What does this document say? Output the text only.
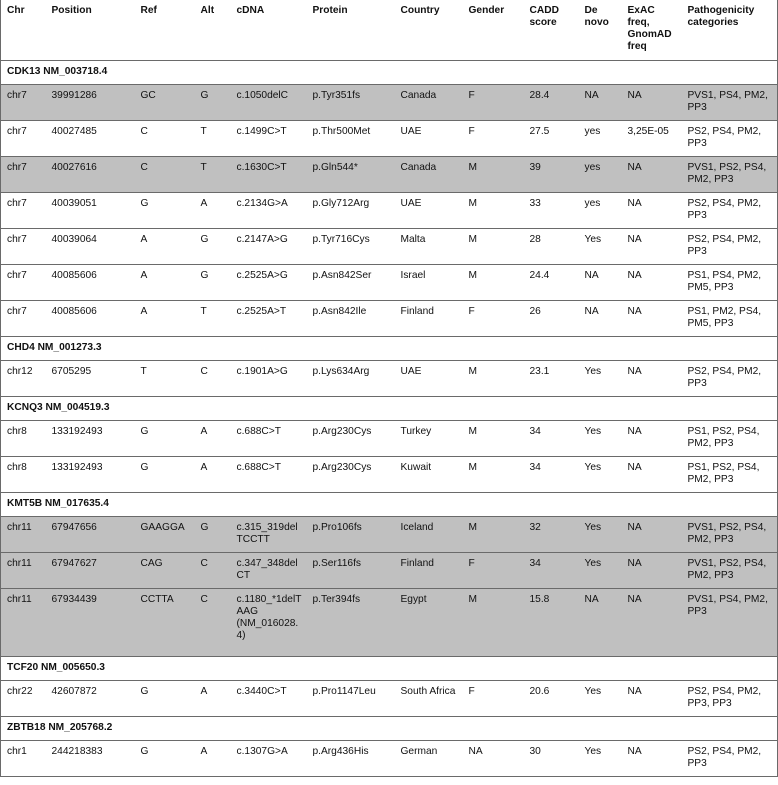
Chr	Position	Ref	Alt	cDNA	Protein	Country	Gender	CADD score	De novo	ExAC freq, GnomAD freq	Pathogenicity categories
CDK13 NM_003718.4											
chr7	39991286	GC	G	c.1050delC	p.Tyr351fs	Canada	F	28.4	NA	NA	PVS1, PS4, PM2, PP3
chr7	40027485	C	T	c.1499C>T	p.Thr500Met	UAE	F	27.5	yes	3,25E-05	PS2, PS4, PM2, PP3
chr7	40027616	C	T	c.1630C>T	p.Gln544*	Canada	M	39	yes	NA	PVS1, PS2, PS4, PM2, PP3
chr7	40039051	G	A	c.2134G>A	p.Gly712Arg	UAE	M	33	yes	NA	PS2, PS4, PM2, PP3
chr7	40039064	A	G	c.2147A>G	p.Tyr716Cys	Malta	M	28	Yes	NA	PS2, PS4, PM2, PP3
chr7	40085606	A	G	c.2525A>G	p.Asn842Ser	Israel	M	24.4	NA	NA	PS1, PS4, PM2, PM5, PP3
chr7	40085606	A	T	c.2525A>T	p.Asn842Ile	Finland	F	26	NA	NA	PS1, PM2, PS4, PM5, PP3
CHD4 NM_001273.3											
chr12	6705295	T	C	c.1901A>G	p.Lys634Arg	UAE	M	23.1	Yes	NA	PS2, PS4, PM2, PP3
KCNQ3 NM_004519.3											
chr8	133192493	G	A	c.688C>T	p.Arg230Cys	Turkey	M	34	Yes	NA	PS1, PS2, PS4, PM2, PP3
chr8	133192493	G	A	c.688C>T	p.Arg230Cys	Kuwait	M	34	Yes	NA	PS1, PS2, PS4, PM2, PP3
KMT5B NM_017635.4											
chr11	67947656	GAAGGA	G	c.315_319delTCCTT	p.Pro106fs	Iceland	M	32	Yes	NA	PVS1, PS2, PS4, PM2, PP3
chr11	67947627	CAG	C	c.347_348delCT	p.Ser116fs	Finland	F	34	Yes	NA	PVS1, PS2, PS4, PM2, PP3
chr11	67934439	CCTTA	C	c.1180_*1delTAAG (NM_016028.4)	p.Ter394fs	Egypt	M	15.8	NA	NA	PVS1, PS4, PM2, PP3
TCF20 NM_005650.3											
chr22	42607872	G	A	c.3440C>T	p.Pro1147Leu	South Africa	F	20.6	Yes	NA	PS2, PS4, PM2, PP3, PP3
ZBTB18 NM_205768.2											
chr1	244218383	G	A	c.1307G>A	p.Arg436His	German	NA	30	Yes	NA	PS2, PS4, PM2, PP3
